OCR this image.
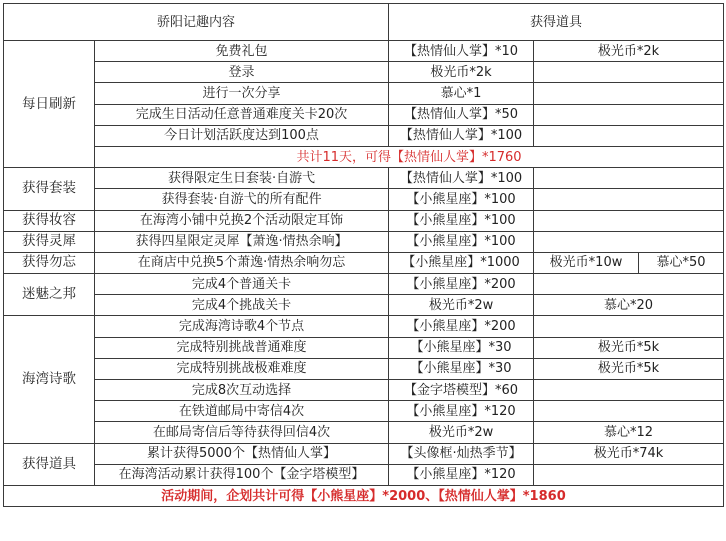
骄阳记趣内容		获得道具		
每日刷新	免费礼包	【热情仙人掌】*10	极光币*2k	
	登录	极光币*2k		
	进行一次分享	慕心*1		
	完成生日活动任意普通难度关卡20次	【热情仙人掌】*50		
	今日计划活跃度达到100点	【热情仙人掌】*100		
	共计11天，可得【热情仙人掌】*1760			
获得套装	获得限定生日套装·自游弋	【热情仙人掌】*100		
	获得套装·自游弋的所有配件	【小熊星座】*100		
获得妆容	在海湾小铺中兑换2个活动限定耳饰	【小熊星座】*100		
获得灵犀	获得四星限定灵犀【萧逸·情热余响】	【小熊星座】*100		
获得勿忘	在商店中兑换5个萧逸·情热余响勿忘	【小熊星座】*1000	极光币*10w	慕心*50
迷魅之邦	完成4个普通关卡	【小熊星座】*200		
	完成4个挑战关卡	极光币*2w	慕心*20	
海湾诗歌	完成海湾诗歌4个节点	【小熊星座】*200		
	完成特别挑战普通难度	【小熊星座】*30	极光币*5k	
	完成特别挑战极难难度	【小熊星座】*30	极光币*5k	
	完成8次互动选择	【金字塔模型】*60		
	在铁道邮局中寄信4次	【小熊星座】*120		
	在邮局寄信后等待获得回信4次	极光币*2w	慕心*12	
获得道具	累计获得5000个【热情仙人掌】	【头像框·灿热季节】	极光币*74k	
	在海湾活动累计获得100个【金字塔模型】	【小熊星座】*120		
活动期间，企划共计可得【小熊星座】*2000、【热情仙人掌】*1860				
